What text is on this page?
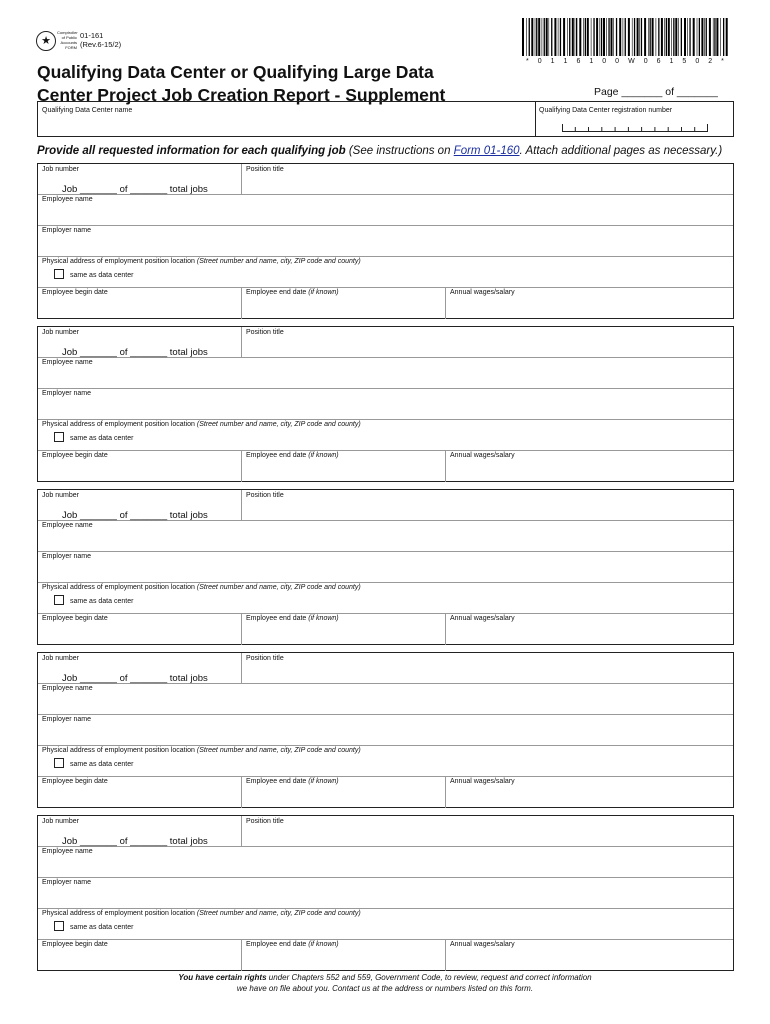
★
Comptroller of Public Accounts FORM
01-161
(Rev.6-15/2)
* 0 1 1 6 1 0 0 W 0 6 1 5 0 2 *
Qualifying Data Center or Qualifying Large Data
Center Project Job Creation Report - Supplement	Page _______ of _______
Qualifying Data Center name	Qualifying Data Center registration number
Provide all requested information for each qualifying job (See instructions on Form 01-160. Attach additional pages as necessary.)
Job number
Job _______ of _______ total jobs
Position title
Employee name
Employer name
Physical address of employment position location (Street number and name, city, ZIP code and county)
same as data center
Employee begin date	Employee end date (if known)	Annual wages/salary
Job number
Job _______ of _______ total jobs
Position title
Employee name
Employer name
Physical address of employment position location (Street number and name, city, ZIP code and county)
same as data center
Employee begin date	Employee end date (if known)	Annual wages/salary
Job number
Job _______ of _______ total jobs
Position title
Employee name
Employer name
Physical address of employment position location (Street number and name, city, ZIP code and county)
same as data center
Employee begin date	Employee end date (if known)	Annual wages/salary
Job number
Job _______ of _______ total jobs
Position title
Employee name
Employer name
Physical address of employment position location (Street number and name, city, ZIP code and county)
same as data center
Employee begin date	Employee end date (if known)	Annual wages/salary
Job number
Job _______ of _______ total jobs
Position title
Employee name
Employer name
Physical address of employment position location (Street number and name, city, ZIP code and county)
same as data center
Employee begin date	Employee end date (if known)	Annual wages/salary
You have certain rights under Chapters 552 and 559, Government Code, to review, request and correct information
we have on file about you. Contact us at the address or numbers listed on this form.
